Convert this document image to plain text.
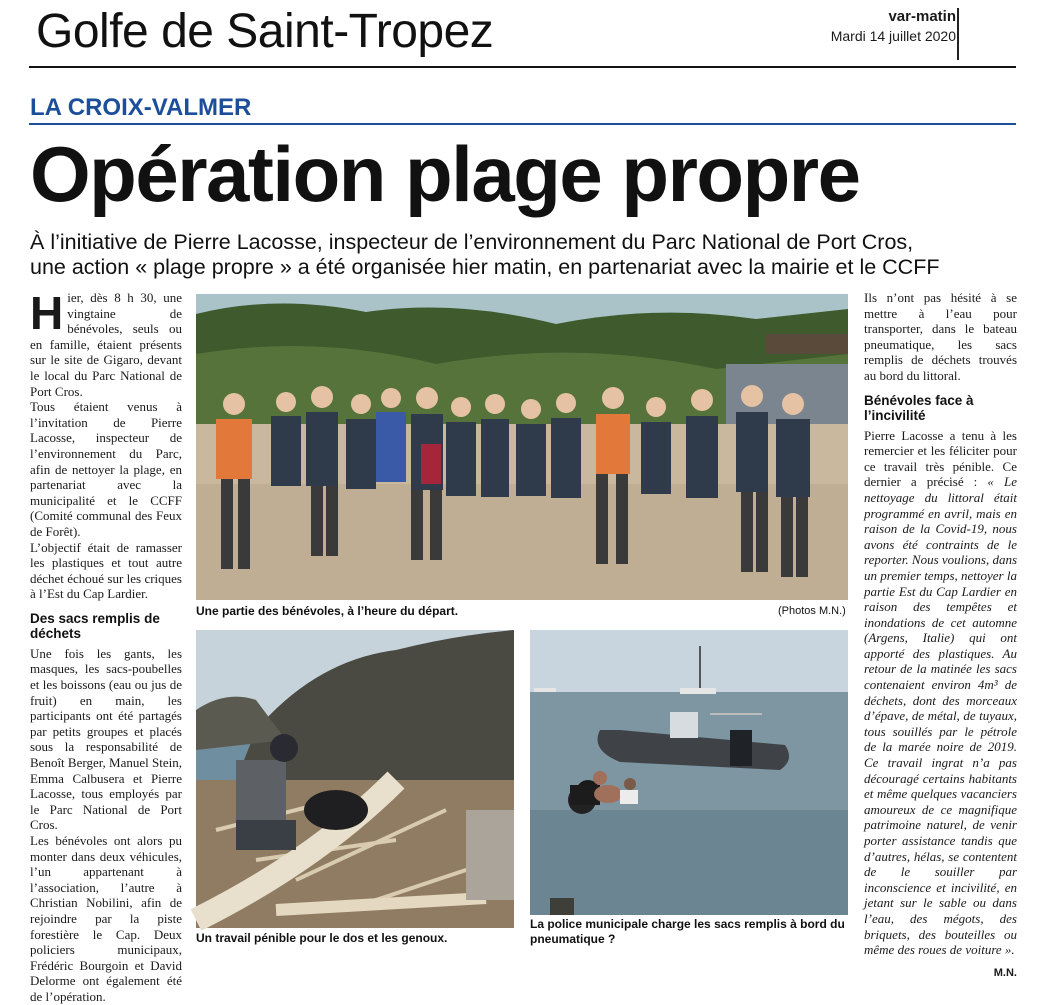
Golfe de Saint-Tropez	var-matin
Mardi 14 juillet 2020
LA CROIX-VALMER
Opération plage propre
À l’initiative de Pierre Lacosse, inspecteur de l’environnement du Parc National de Port Cros,
une action « plage propre » a été organisée hier matin, en partenariat avec la mairie et le CCFF

Hier, dès 8 h 30, une vingtaine de bénévoles, seuls ou en famille, étaient présents sur le site de Gigaro, devant le local du Parc National de Port Cros.

Tous étaient venus à l’invitation de Pierre Lacosse, inspecteur de l’environnement du Parc, afin de nettoyer la plage, en partenariat avec la municipalité et le CCFF (Comité communal des Feux de Forêt).

L’objectif était de ramasser les plastiques et tout autre déchet échoué sur les criques à l’Est du Cap Lardier.

Des sacs remplis de déchets

Une fois les gants, les masques, les sacs-poubelles et les boissons (eau ou jus de fruit) en main, les participants ont été partagés par petits groupes et placés sous la responsabilité de Benoît Berger, Manuel Stein, Emma Calbusera et Pierre Lacosse, tous employés par le Parc National de Port Cros.

Les bénévoles ont alors pu monter dans deux véhicules, l’un appartenant à l’association, l’autre à Christian Nobilini, afin de rejoindre par la piste forestière le Cap. Deux policiers municipaux, Frédéric Bourgoin et David Delorme ont également été de l’opération.

Ils n’ont pas hésité à se mettre à l’eau pour transporter, dans le bateau pneumatique, les sacs remplis de déchets trouvés au bord du littoral.

Bénévoles face à l’incivilité

Pierre Lacosse a tenu à les remercier et les féliciter pour ce travail très pénible. Ce dernier a précisé : « Le nettoyage du littoral était programmé en avril, mais en raison de la Covid-19, nous avons été contraints de le reporter. Nous voulions, dans un premier temps, nettoyer la partie Est du Cap Lardier en raison des tempêtes et inondations de cet automne (Argens, Italie) qui ont apporté des plastiques. Au retour de la matinée les sacs contenaient environ 4m³ de déchets, dont des morceaux d’épave, de métal, de tuyaux, tous souillés par le pétrole de la marée noire de 2019. Ce travail ingrat n’a pas découragé certains habitants et même quelques vacanciers amoureux de ce magnifique patrimoine naturel, de venir porter assistance tandis que d’autres, hélas, se contentent de le souiller par inconscience et incivilité, en jetant sur le sable ou dans l’eau, des mégots, des briquets, des bouteilles ou même des roues de voiture ».

M.N.
Une partie des bénévoles, à l’heure du départ.	(Photos M.N.)
Un travail pénible pour le dos et les genoux.
La police municipale charge les sacs remplis à bord du pneumatique ?
